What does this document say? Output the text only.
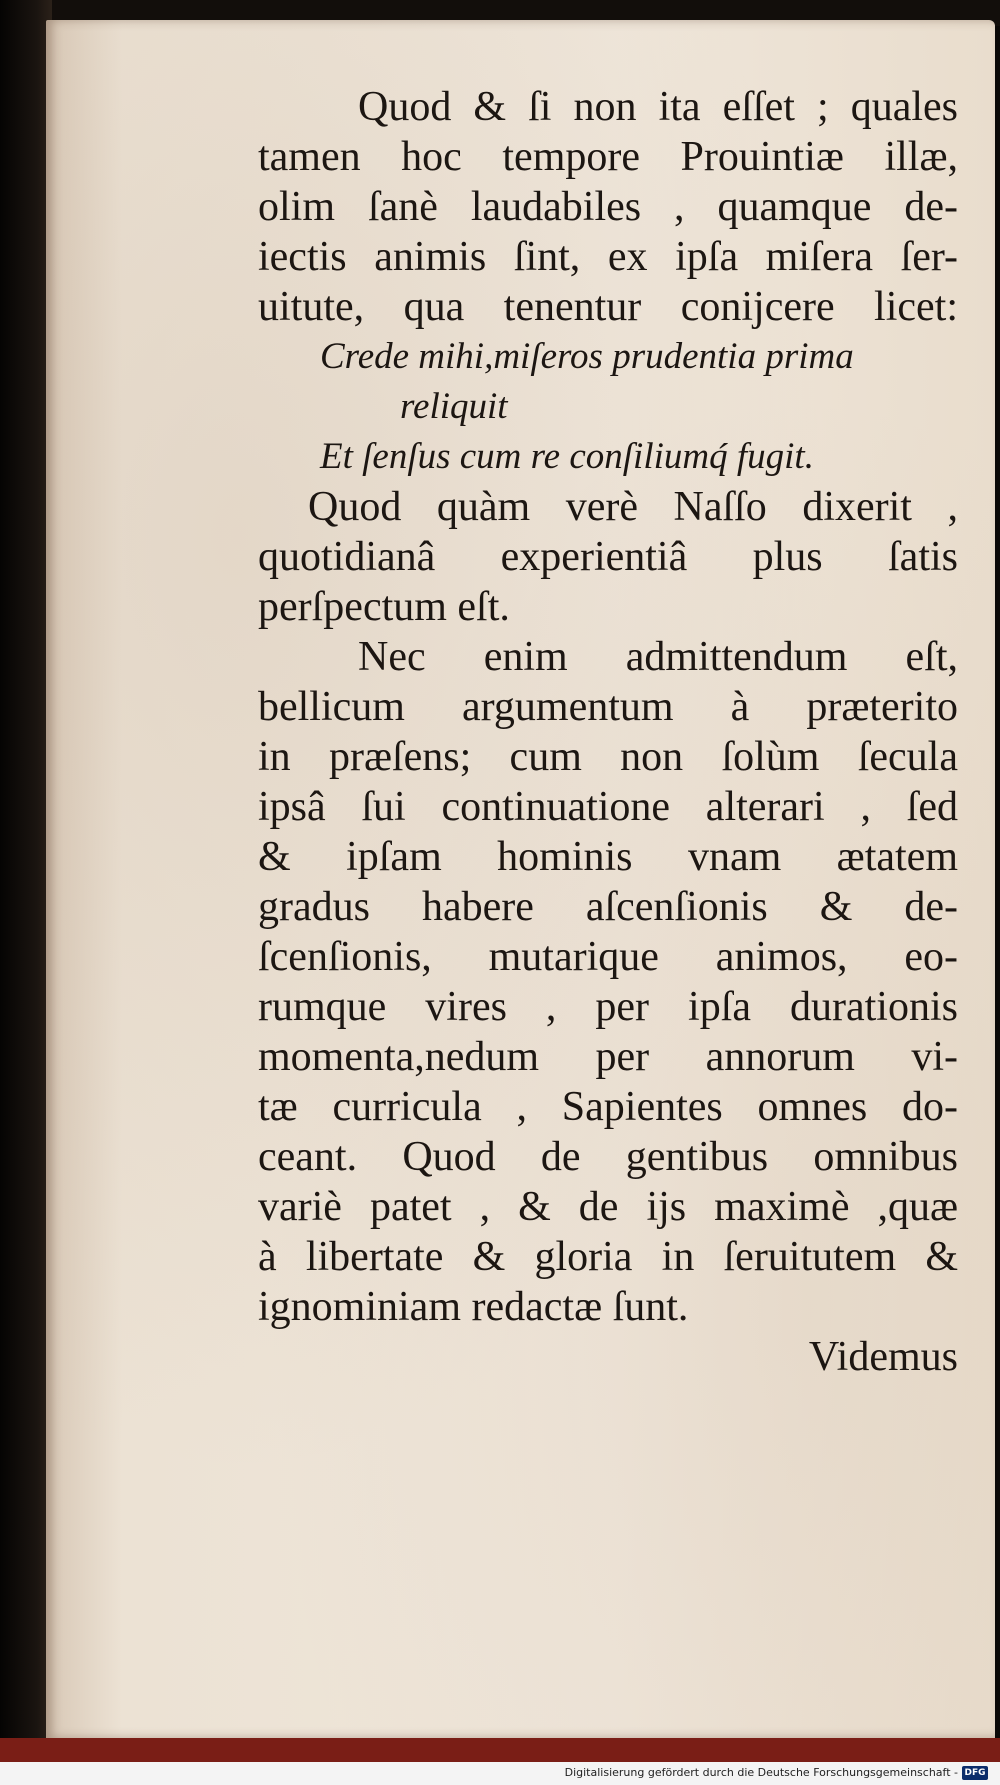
Quod & ſi non ita eſſet ; quales
tamen hoc tempore Prouintiæ illæ,
olim ſanè laudabiles , quamque de-
iectis animis ſint, ex ipſa miſera ſer-
uitute, qua tenentur conijcere licet:
Crede mihi,miſeros prudentia prima
reliquit
Et ſenſus cum re conſiliumq́ fugit.
Quod quàm verè Naſſo dixerit ,
quotidianâ experientiâ plus ſatis
perſpectum eſt.
Nec enim admittendum eſt,
bellicum argumentum à præterito
in præſens; cum non ſolùm ſecula
ipsâ ſui continuatione alterari , ſed
& ipſam hominis vnam ætatem
gradus habere aſcenſionis & de-
ſcenſionis, mutarique animos, eo-
rumque vires , per ipſa durationis
momenta,nedum per annorum vi-
tæ curricula , Sapientes omnes do-
ceant. Quod de gentibus omnibus
variè patet , & de ijs maximè ,quæ
à libertate & gloria in ſeruitutem &
ignominiam redactæ ſunt.
Videmus
Digitalisierung gefördert durch die Deutsche Forschungsgemeinschaft - DFG
